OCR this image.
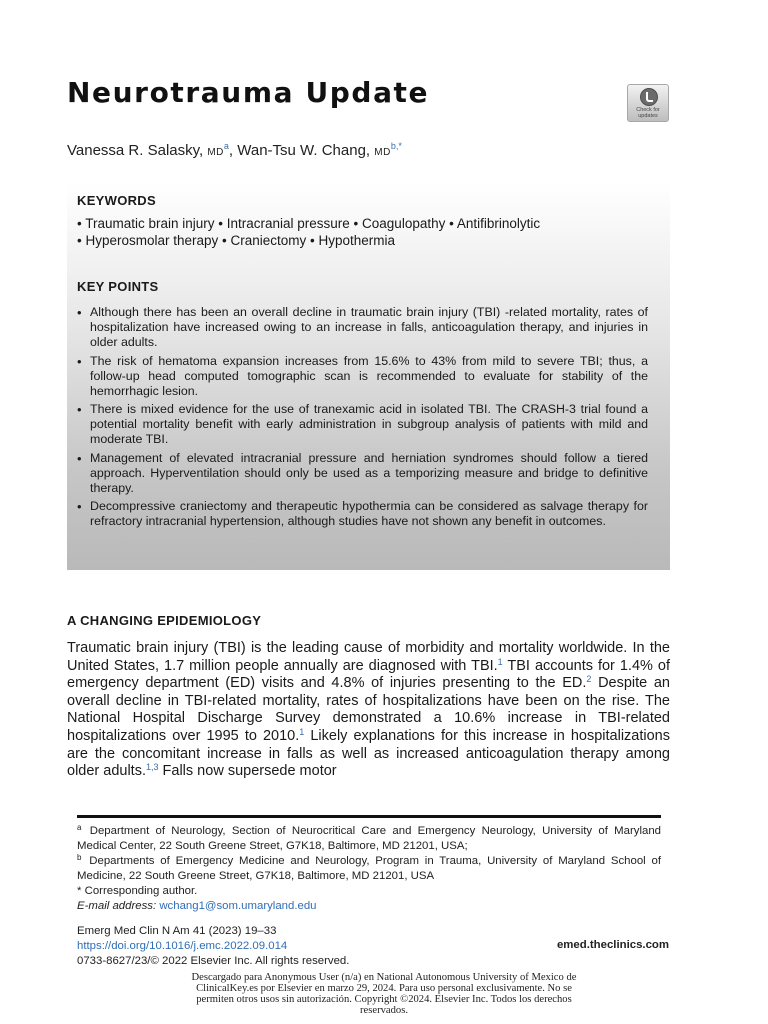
Neurotrauma Update
Check for
updates
Vanessa R. Salasky, $MD^a$, Wan-Tsu W. Chang, $MD^{b,*}$
KEYWORDS
• Traumatic brain injury • Intracranial pressure • Coagulopathy • Antifibrinolytic
• Hyperosmolar therapy • Craniectomy • Hypothermia
KEY POINTS
• Although there has been an overall decline in traumatic brain injury (TBI) -related mortality, rates of hospitalization have increased owing to an increase in falls, anticoagulation therapy, and injuries in older adults.
• The risk of hematoma expansion increases from 15.6% to 43% from mild to severe TBI; thus, a follow-up head computed tomographic scan is recommended to evaluate for stability of the hemorrhagic lesion.
• There is mixed evidence for the use of tranexamic acid in isolated TBI. The CRASH-3 trial found a potential mortality benefit with early administration in subgroup analysis of patients with mild and moderate TBI.
• Management of elevated intracranial pressure and herniation syndromes should follow a tiered approach. Hyperventilation should only be used as a temporizing measure and bridge to definitive therapy.
• Decompressive craniectomy and therapeutic hypothermia can be considered as salvage therapy for refractory intracranial hypertension, although studies have not shown any benefit in outcomes.
A CHANGING EPIDEMIOLOGY

Traumatic brain injury (TBI) is the leading cause of morbidity and mortality worldwide. In the United States, 1.7 million people annually are diagnosed with TBI.$^1$ TBI accounts for 1.4% of emergency department (ED) visits and 4.8% of injuries presenting to the ED.$^2$ Despite an overall decline in TBI-related mortality, rates of hospitalizations have been on the rise. The National Hospital Discharge Survey demonstrated a 10.6% increase in TBI-related hospitalizations over 1995 to 2010.$^1$ Likely explanations for this increase in hospitalizations are the concomitant increase in falls as well as increased anticoagulation therapy among older adults.$^{1,3}$ Falls now supersede motor

$^a$ Department of Neurology, Section of Neurocritical Care and Emergency Neurology, University of Maryland Medical Center, 22 South Greene Street, G7K18, Baltimore, MD 21201, USA;
$^b$ Departments of Emergency Medicine and Neurology, Program in Trauma, University of Maryland School of Medicine, 22 South Greene Street, G7K18, Baltimore, MD 21201, USA
* Corresponding author.
E-mail address: wchang1@som.umaryland.edu
Emerg Med Clin N Am 41 (2023) 19–33
https://doi.org/10.1016/j.emc.2022.09.014
0733-8627/23/© 2022 Elsevier Inc. All rights reserved.
emed.theclinics.com
Descargado para Anonymous User (n/a) en National Autonomous University of Mexico de
ClinicalKey.es por Elsevier en marzo 29, 2024. Para uso personal exclusivamente. No se
permiten otros usos sin autorización. Copyright ©2024. Elsevier Inc. Todos los derechos
reservados.
